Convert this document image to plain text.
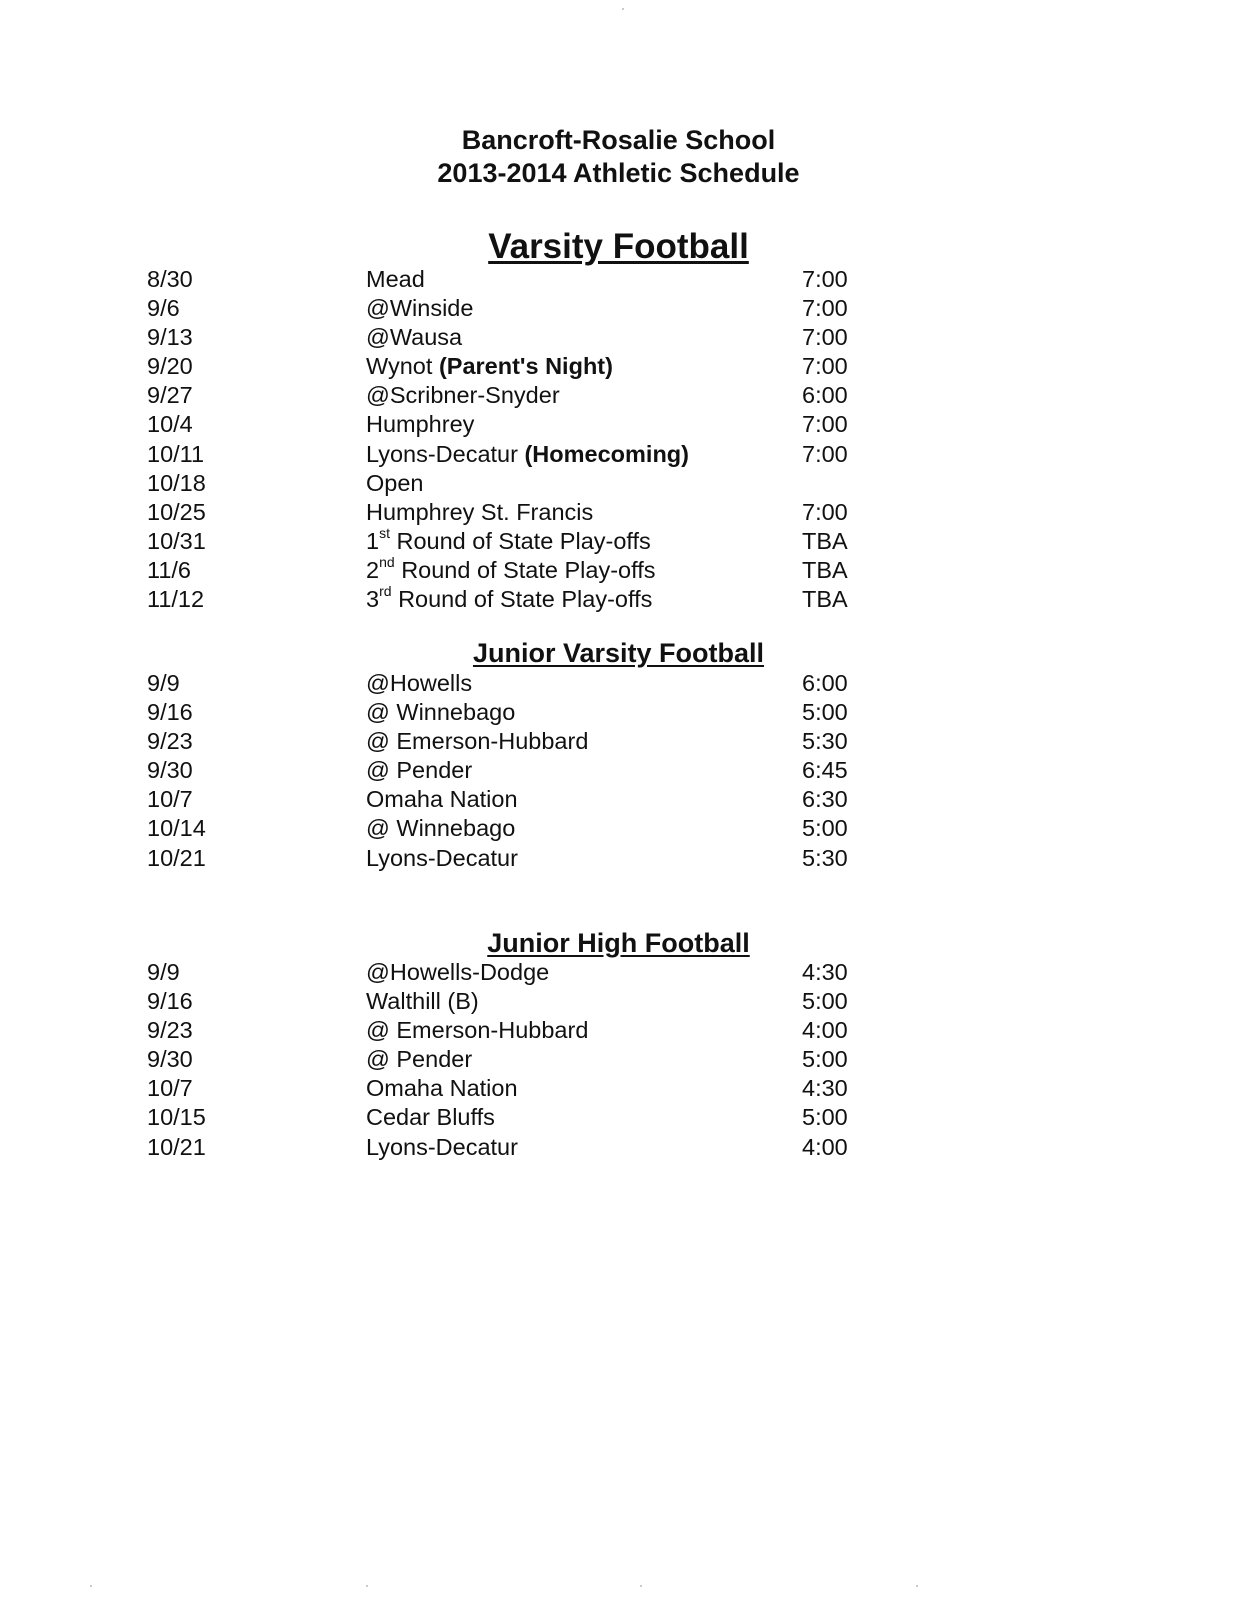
Bancroft-Rosalie School
2013-2014 Athletic Schedule
Varsity Football
8/30	Mead	7:00
9/6	@Winside	7:00
9/13	@Wausa	7:00
9/20	Wynot (Parent's Night)	7:00
9/27	@Scribner-Snyder	6:00
10/4	Humphrey	7:00
10/11	Lyons-Decatur (Homecoming)	7:00
10/18	Open
10/25	Humphrey St. Francis	7:00
10/31	1st Round of State Play-offs	TBA
11/6	2nd Round of State Play-offs	TBA
11/12	3rd Round of State Play-offs	TBA
Junior Varsity Football
9/9	@Howells	6:00
9/16	@ Winnebago	5:00
9/23	@ Emerson-Hubbard	5:30
9/30	@ Pender	6:45
10/7	Omaha Nation	6:30
10/14	@ Winnebago	5:00
10/21	Lyons-Decatur	5:30
Junior High Football
9/9	@Howells-Dodge	4:30
9/16	Walthill (B)	5:00
9/23	@ Emerson-Hubbard	4:00
9/30	@ Pender	5:00
10/7	Omaha Nation	4:30
10/15	Cedar Bluffs	5:00
10/21	Lyons-Decatur	4:00
